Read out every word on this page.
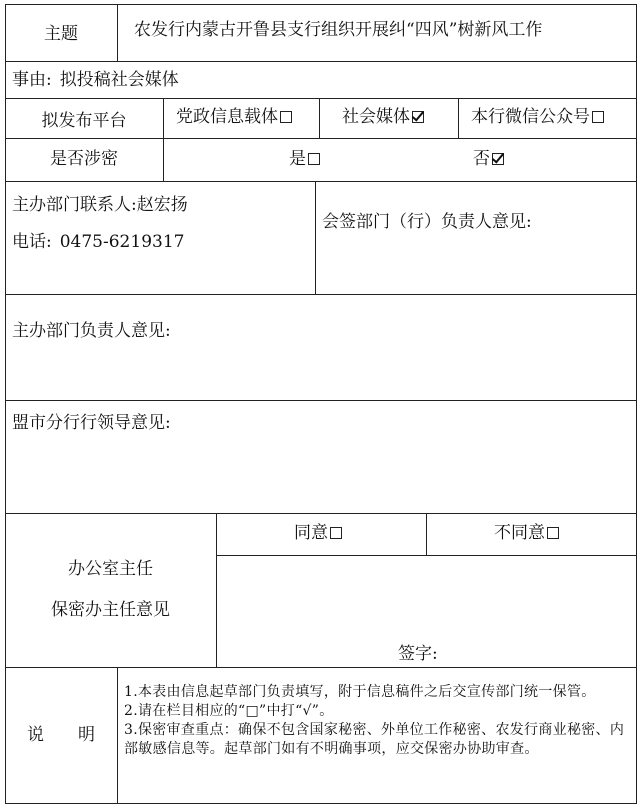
主题	农发行内蒙古开鲁县支行组织开展纠“四风”树新风工作
事由: 拟投稿社会媒体
拟发布平台	党政信息载体	社会媒体	本行微信公众号
是否涉密	是	否
主办部门联系人:赵宏扬
电话: 0475-6219317
会签部门（行）负责人意见:
主办部门负责人意见:
盟市分行行领导意见:
办公室主任
保密办主任意见
同意	不同意
签字:
说　　明

1.本表由信息起草部门负责填写，附于信息稿件之后交宣传部门统一保管。

2.请在栏目相应的“□”中打“√”。

3.保密审查重点：确保不包含国家秘密、外单位工作秘密、农发行商业秘密、内部敏感信息等。起草部门如有不明确事项，应交保密办协助审查。
